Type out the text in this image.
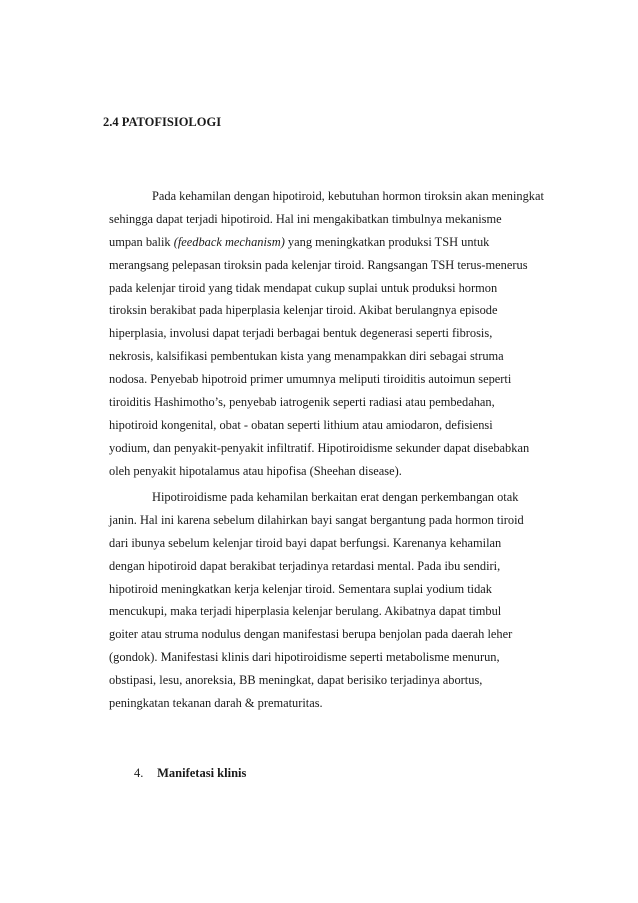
2.4 PATOFISIOLOGI
Pada kehamilan dengan hipotiroid, kebutuhan hormon tiroksin akan meningkat
sehingga dapat terjadi hipotiroid. Hal ini mengakibatkan timbulnya mekanisme
umpan balik (feedback mechanism) yang meningkatkan produksi TSH untuk
merangsang pelepasan tiroksin pada kelenjar tiroid. Rangsangan TSH terus-menerus
pada kelenjar tiroid yang tidak mendapat cukup suplai untuk produksi hormon
tiroksin berakibat pada hiperplasia kelenjar tiroid. Akibat berulangnya episode
hiperplasia, involusi dapat terjadi berbagai bentuk degenerasi seperti fibrosis,
nekrosis, kalsifikasi pembentukan kista yang menampakkan diri sebagai struma
nodosa. Penyebab hipotroid primer umumnya meliputi tiroiditis autoimun seperti
tiroiditis Hashimotho’s, penyebab iatrogenik seperti radiasi atau pembedahan,
hipotiroid kongenital, obat - obatan seperti lithium atau amiodaron, defisiensi
yodium, dan penyakit-penyakit infiltratif. Hipotiroidisme sekunder dapat disebabkan
oleh penyakit hipotalamus atau hipofisa (Sheehan disease).
Hipotiroidisme pada kehamilan berkaitan erat dengan perkembangan otak
janin. Hal ini karena sebelum dilahirkan bayi sangat bergantung pada hormon tiroid
dari ibunya sebelum kelenjar tiroid bayi dapat berfungsi. Karenanya kehamilan
dengan hipotiroid dapat berakibat terjadinya retardasi mental. Pada ibu sendiri,
hipotiroid meningkatkan kerja kelenjar tiroid. Sementara suplai yodium tidak
mencukupi, maka terjadi hiperplasia kelenjar berulang. Akibatnya dapat timbul
goiter atau struma nodulus dengan manifestasi berupa benjolan pada daerah leher
(gondok). Manifestasi klinis dari hipotiroidisme seperti metabolisme menurun,
obstipasi, lesu, anoreksia, BB meningkat, dapat berisiko terjadinya abortus,
peningkatan tekanan darah & prematuritas.
4. Manifetasi klinis
